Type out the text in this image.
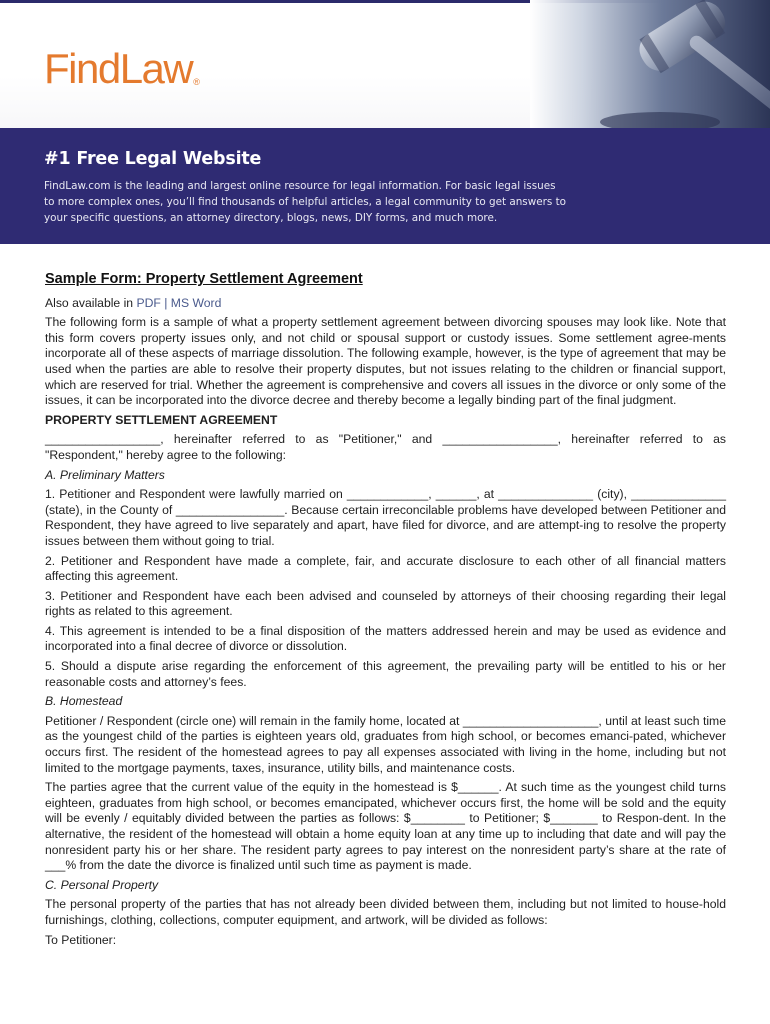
FindLaw®
#1 Free Legal Website
FindLaw.com is the leading and largest online resource for legal information. For basic legal issues
to more complex ones, you’ll find thousands of helpful articles, a legal community to get answers to
your specific questions, an attorney directory, blogs, news, DIY forms, and much more.
Sample Form: Property Settlement Agreement
Also available in PDF | MS Word
The following form is a sample of what a property settlement agreement between divorcing spouses may look like. Note that this form covers property issues only, and not child or spousal support or custody issues. Some settlement agree-ments incorporate all of these aspects of marriage dissolution. The following example, however, is the type of agreement that may be used when the parties are able to resolve their property disputes, but not issues relating to the children or financial support, which are reserved for trial. Whether the agreement is comprehensive and covers all issues in the divorce or only some of the issues, it can be incorporated into the divorce decree and thereby become a legally binding part of the final judgment.
PROPERTY SETTLEMENT AGREEMENT
_________________, hereinafter referred to as "Petitioner," and _________________, hereinafter referred to as "Respondent," hereby agree to the following:
A. Preliminary Matters
1. Petitioner and Respondent were lawfully married on ____________, ______, at ______________ (city), ______________ (state), in the County of ________________. Because certain irreconcilable problems have developed between Petitioner and Respondent, they have agreed to live separately and apart, have filed for divorce, and are attempt-ing to resolve the property issues between them without going to trial.
2. Petitioner and Respondent have made a complete, fair, and accurate disclosure to each other of all financial matters affecting this agreement.
3. Petitioner and Respondent have each been advised and counseled by attorneys of their choosing regarding their legal rights as related to this agreement.
4. This agreement is intended to be a final disposition of the matters addressed herein and may be used as evidence and incorporated into a final decree of divorce or dissolution.
5. Should a dispute arise regarding the enforcement of this agreement, the prevailing party will be entitled to his or her reasonable costs and attorney’s fees.
B. Homestead
Petitioner / Respondent (circle one) will remain in the family home, located at ____________________, until at least such time as the youngest child of the parties is eighteen years old, graduates from high school, or becomes emanci-pated, whichever occurs first. The resident of the homestead agrees to pay all expenses associated with living in the home, including but not limited to the mortgage payments, taxes, insurance, utility bills, and maintenance costs.
The parties agree that the current value of the equity in the homestead is $______. At such time as the youngest child turns eighteen, graduates from high school, or becomes emancipated, whichever occurs first, the home will be sold and the equity will be evenly / equitably divided between the parties as follows: $________ to Petitioner; $_______ to Respon-dent. In the alternative, the resident of the homestead will obtain a home equity loan at any time up to including that date and will pay the nonresident party his or her share. The resident party agrees to pay interest on the nonresident party’s share at the rate of ___% from the date the divorce is finalized until such time as payment is made.
C. Personal Property
The personal property of the parties that has not already been divided between them, including but not limited to house-hold furnishings, clothing, collections, computer equipment, and artwork, will be divided as follows:
To Petitioner:
